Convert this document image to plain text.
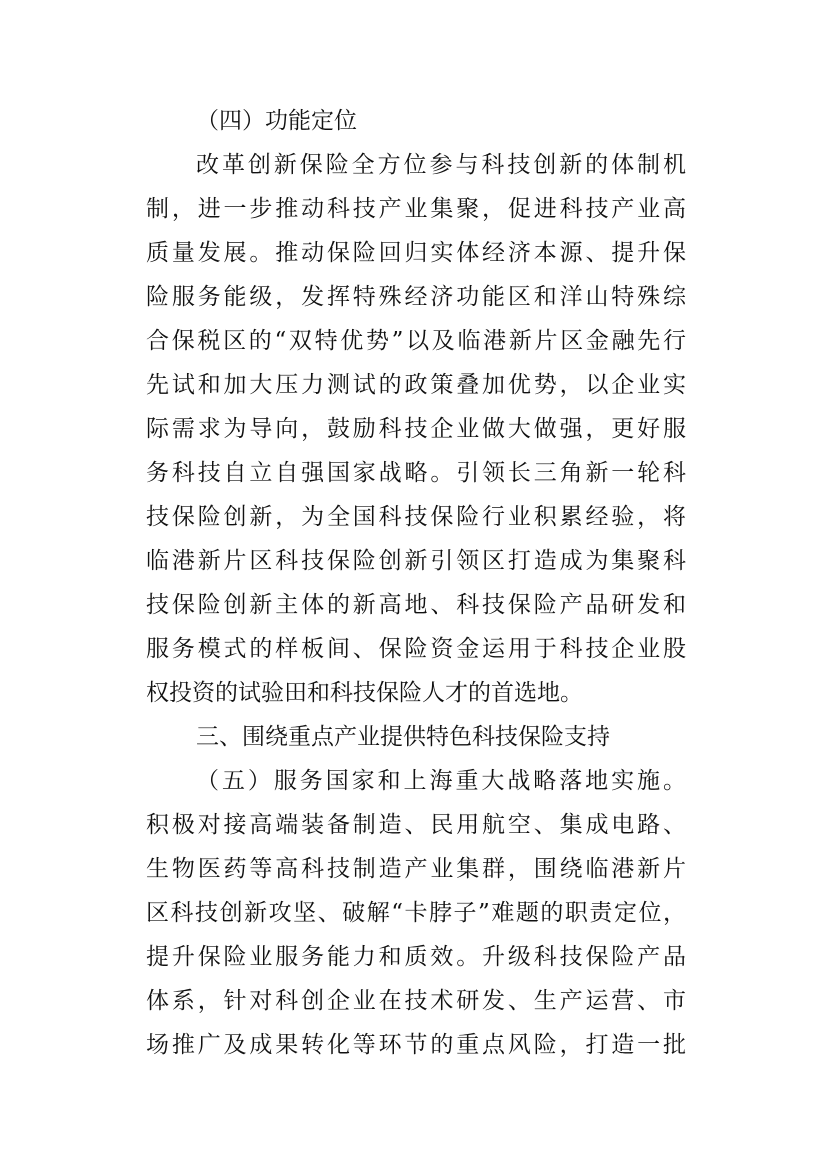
（四）功能定位
改革创新保险全方位参与科技创新的体制机
制，进一步推动科技产业集聚，促进科技产业高
质量发展。推动保险回归实体经济本源、提升保
险服务能级，发挥特殊经济功能区和洋山特殊综
合保税区的“双特优势”以及临港新片区金融先行
先试和加大压力测试的政策叠加优势，以企业实
际需求为导向，鼓励科技企业做大做强，更好服
务科技自立自强国家战略。引领长三角新一轮科
技保险创新，为全国科技保险行业积累经验，将
临港新片区科技保险创新引领区打造成为集聚科
技保险创新主体的新高地、科技保险产品研发和
服务模式的样板间、保险资金运用于科技企业股
权投资的试验田和科技保险人才的首选地。
三、围绕重点产业提供特色科技保险支持
（五）服务国家和上海重大战略落地实施。
积极对接高端装备制造、民用航空、集成电路、
生物医药等高科技制造产业集群，围绕临港新片
区科技创新攻坚、破解“卡脖子”难题的职责定位，
提升保险业服务能力和质效。升级科技保险产品
体系，针对科创企业在技术研发、生产运营、市
场推广及成果转化等环节的重点风险，打造一批
